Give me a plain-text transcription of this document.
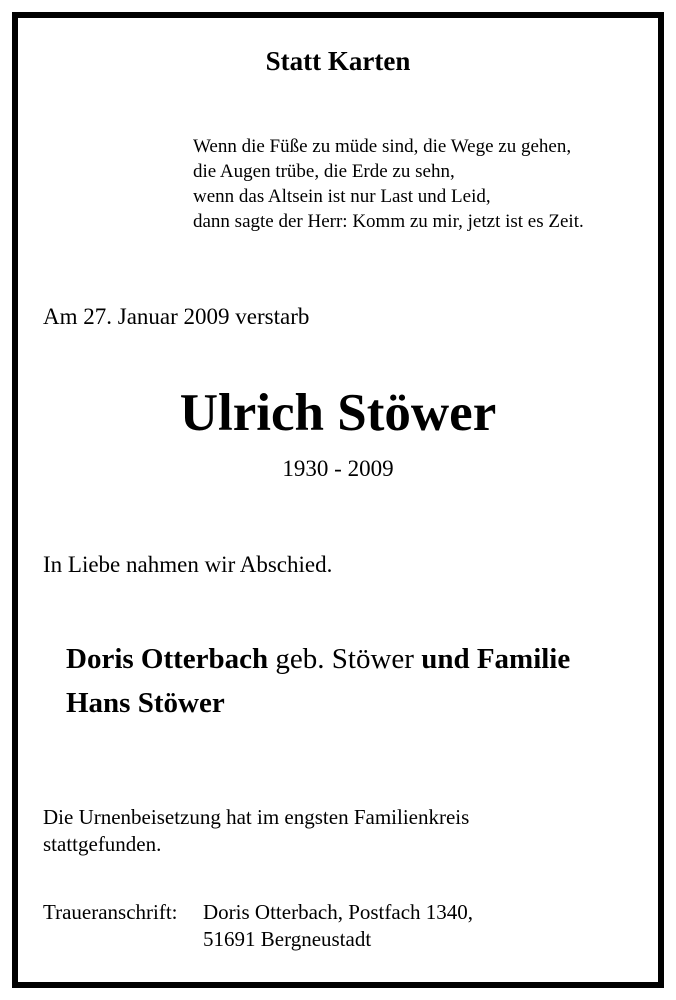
Statt Karten
Wenn die Füße zu müde sind, die Wege zu gehen,
die Augen trübe, die Erde zu sehn,
wenn das Altsein ist nur Last und Leid,
dann sagte der Herr: Komm zu mir, jetzt ist es Zeit.
Am 27. Januar 2009 verstarb
Ulrich Stöwer
1930 - 2009
In Liebe nahmen wir Abschied.
Doris Otterbach geb. Stöwer und Familie
Hans Stöwer
Die Urnenbeisetzung hat im engsten Familienkreis
stattgefunden.
Traueranschrift: Doris Otterbach, Postfach 1340,
51691 Bergneustadt
